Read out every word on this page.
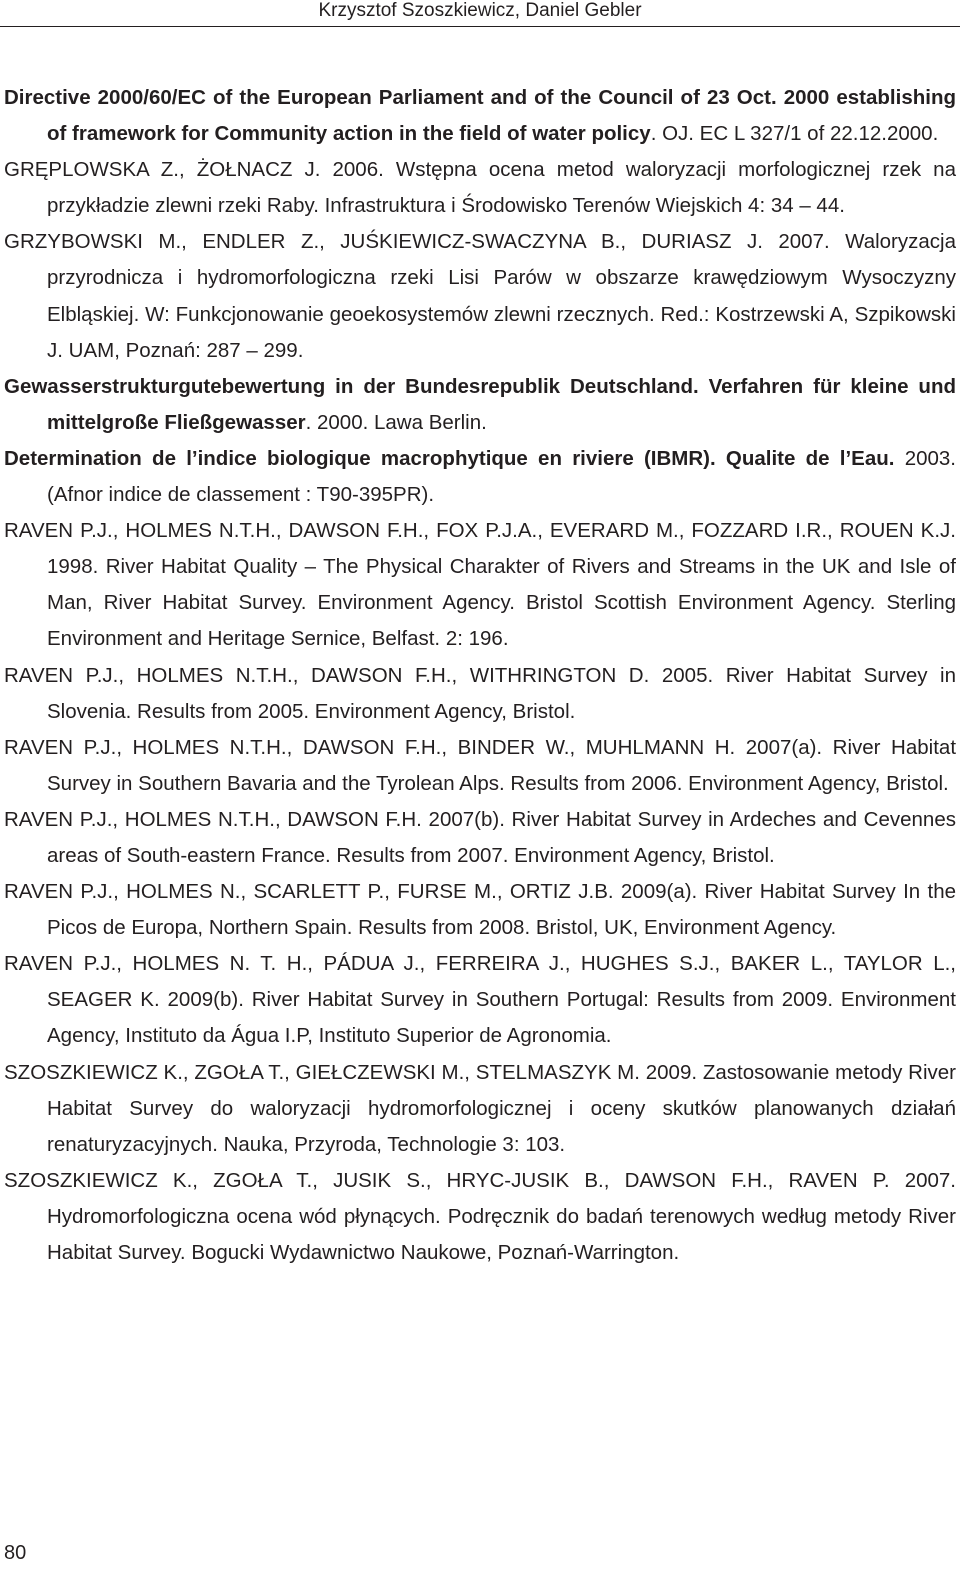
Krzysztof Szoszkiewicz, Daniel Gebler

Directive 2000/60/EC of the European Parliament and of the Council of 23 Oct. 2000 establishing of framework for Community action in the field of water policy. OJ. EC L 327/1 of 22.12.2000.

GRĘPLOWSKA Z., ŻOŁNACZ J. 2006. Wstępna ocena metod waloryzacji morfologicznej rzek na przykładzie zlewni rzeki Raby. Infrastruktura i Środowisko Terenów Wiejskich 4: 34 – 44.

GRZYBOWSKI M., ENDLER Z., JUŚKIEWICZ-SWACZYNA B., DURIASZ J. 2007. Waloryzacja przyrodnicza i hydromorfologiczna rzeki Lisi Parów w obszarze krawędziowym Wysoczyzny Elbląskiej. W: Funkcjonowanie geoekosystemów zlewni rzecznych. Red.: Kostrzewski A, Szpikowski J. UAM, Poznań: 287 – 299.

Gewasserstrukturgutebewertung in der Bundesrepublik Deutschland. Verfahren für kleine und mittelgroße Fließgewasser. 2000. Lawa Berlin.

Determination de l’indice biologique macrophytique en riviere (IBMR). Qualite de l’Eau. 2003. (Afnor indice de classement : T90-395PR).

RAVEN P.J., HOLMES N.T.H., DAWSON F.H., FOX P.J.A., EVERARD M., FOZZARD I.R., ROUEN K.J. 1998. River Habitat Quality – The Physical Charakter of Rivers and Streams in the UK and Isle of Man, River Habitat Survey. Environment Agency. Bristol Scottish Environment Agency. Sterling Environment and Heritage Sernice, Belfast. 2: 196.

RAVEN P.J., HOLMES N.T.H., DAWSON F.H., WITHRINGTON D. 2005. River Habitat Survey in Slovenia. Results from 2005. Environment Agency, Bristol.

RAVEN P.J., HOLMES N.T.H., DAWSON F.H., BINDER W., MUHLMANN H. 2007(a). River Habitat Survey in Southern Bavaria and the Tyrolean Alps. Results from 2006. Environment Agency, Bristol.

RAVEN P.J., HOLMES N.T.H., DAWSON F.H. 2007(b). River Habitat Survey in Ardeches and Cevennes areas of South-eastern France. Results from 2007. Environment Agency, Bristol.

RAVEN P.J., HOLMES N., SCARLETT P., FURSE M., ORTIZ J.B. 2009(a). River Habitat Survey In the Picos de Europa, Northern Spain. Results from 2008. Bristol, UK, Environment Agency.

RAVEN P.J., HOLMES N. T. H., PÁDUA J., FERREIRA J., HUGHES S.J., BAKER L., TAYLOR L., SEAGER K. 2009(b). River Habitat Survey in Southern Portugal: Results from 2009. Environment Agency, Instituto da Água I.P, Instituto Superior de Agronomia.

SZOSZKIEWICZ K., ZGOŁA T., GIEŁCZEWSKI M., STELMASZYK M. 2009. Zastosowanie metody River Habitat Survey do waloryzacji hydromorfologicznej i oceny skutków planowanych działań renaturyzacyjnych. Nauka, Przyroda, Technologie 3: 103.

SZOSZKIEWICZ K., ZGOŁA T., JUSIK S., HRYC-JUSIK B., DAWSON F.H., RAVEN P. 2007. Hydromorfologiczna ocena wód płynących. Podręcznik do badań terenowych według metody River Habitat Survey. Bogucki Wydawnictwo Naukowe, Poznań-Warrington.

80
